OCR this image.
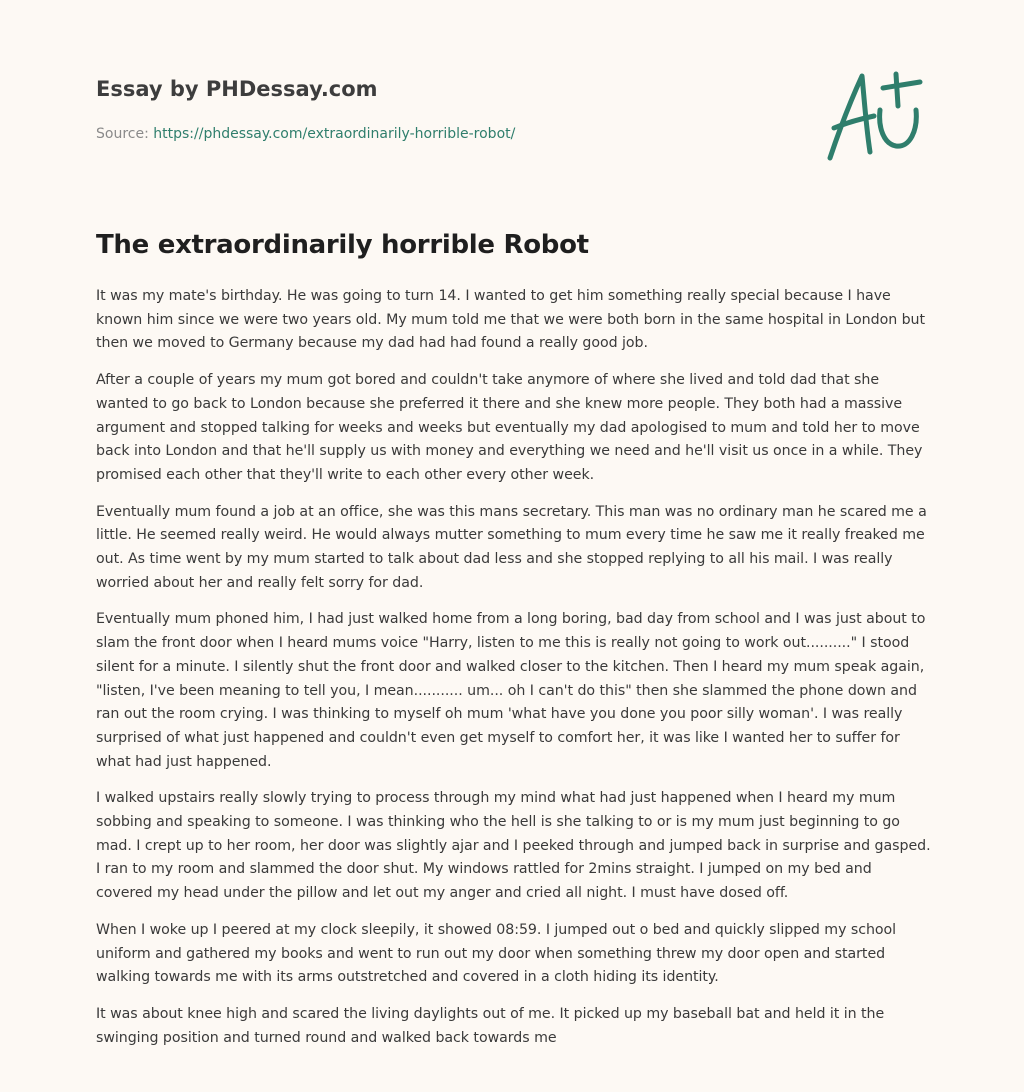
Essay by PHDessay.com
Source: https://phdessay.com/extraordinarily-horrible-robot/
The extraordinarily horrible Robot

It was my mate's birthday. He was going to turn 14. I wanted to get him something really special because I have known him since we were two years old. My mum told me that we were both born in the same hospital in London but then we moved to Germany because my dad had had found a really good job.

After a couple of years my mum got bored and couldn't take anymore of where she lived and told dad that she wanted to go back to London because she preferred it there and she knew more people. They both had a massive argument and stopped talking for weeks and weeks but eventually my dad apologised to mum and told her to move back into London and that he'll supply us with money and everything we need and he'll visit us once in a while. They promised each other that they'll write to each other every other week.

Eventually mum found a job at an office, she was this mans secretary. This man was no ordinary man he scared me a little. He seemed really weird. He would always mutter something to mum every time he saw me it really freaked me out. As time went by my mum started to talk about dad less and she stopped replying to all his mail. I was really worried about her and really felt sorry for dad.

Eventually mum phoned him, I had just walked home from a long boring, bad day from school and I was just about to slam the front door when I heard mums voice "Harry, listen to me this is really not going to work out.........." I stood silent for a minute. I silently shut the front door and walked closer to the kitchen. Then I heard my mum speak again, "listen, I've been meaning to tell you, I mean........... um... oh I can't do this" then she slammed the phone down and ran out the room crying. I was thinking to myself oh mum 'what have you done you poor silly woman'. I was really surprised of what just happened and couldn't even get myself to comfort her, it was like I wanted her to suffer for what had just happened.

I walked upstairs really slowly trying to process through my mind what had just happened when I heard my mum sobbing and speaking to someone. I was thinking who the hell is she talking to or is my mum just beginning to go mad. I crept up to her room, her door was slightly ajar and I peeked through and jumped back in surprise and gasped. I ran to my room and slammed the door shut. My windows rattled for 2mins straight. I jumped on my bed and covered my head under the pillow and let out my anger and cried all night. I must have dosed off.

When I woke up I peered at my clock sleepily, it showed 08:59. I jumped out o bed and quickly slipped my school uniform and gathered my books and went to run out my door when something threw my door open and started walking towards me with its arms outstretched and covered in a cloth hiding its identity.

It was about knee high and scared the living daylights out of me. It picked up my baseball bat and held it in the swinging position and turned round and walked back towards me
